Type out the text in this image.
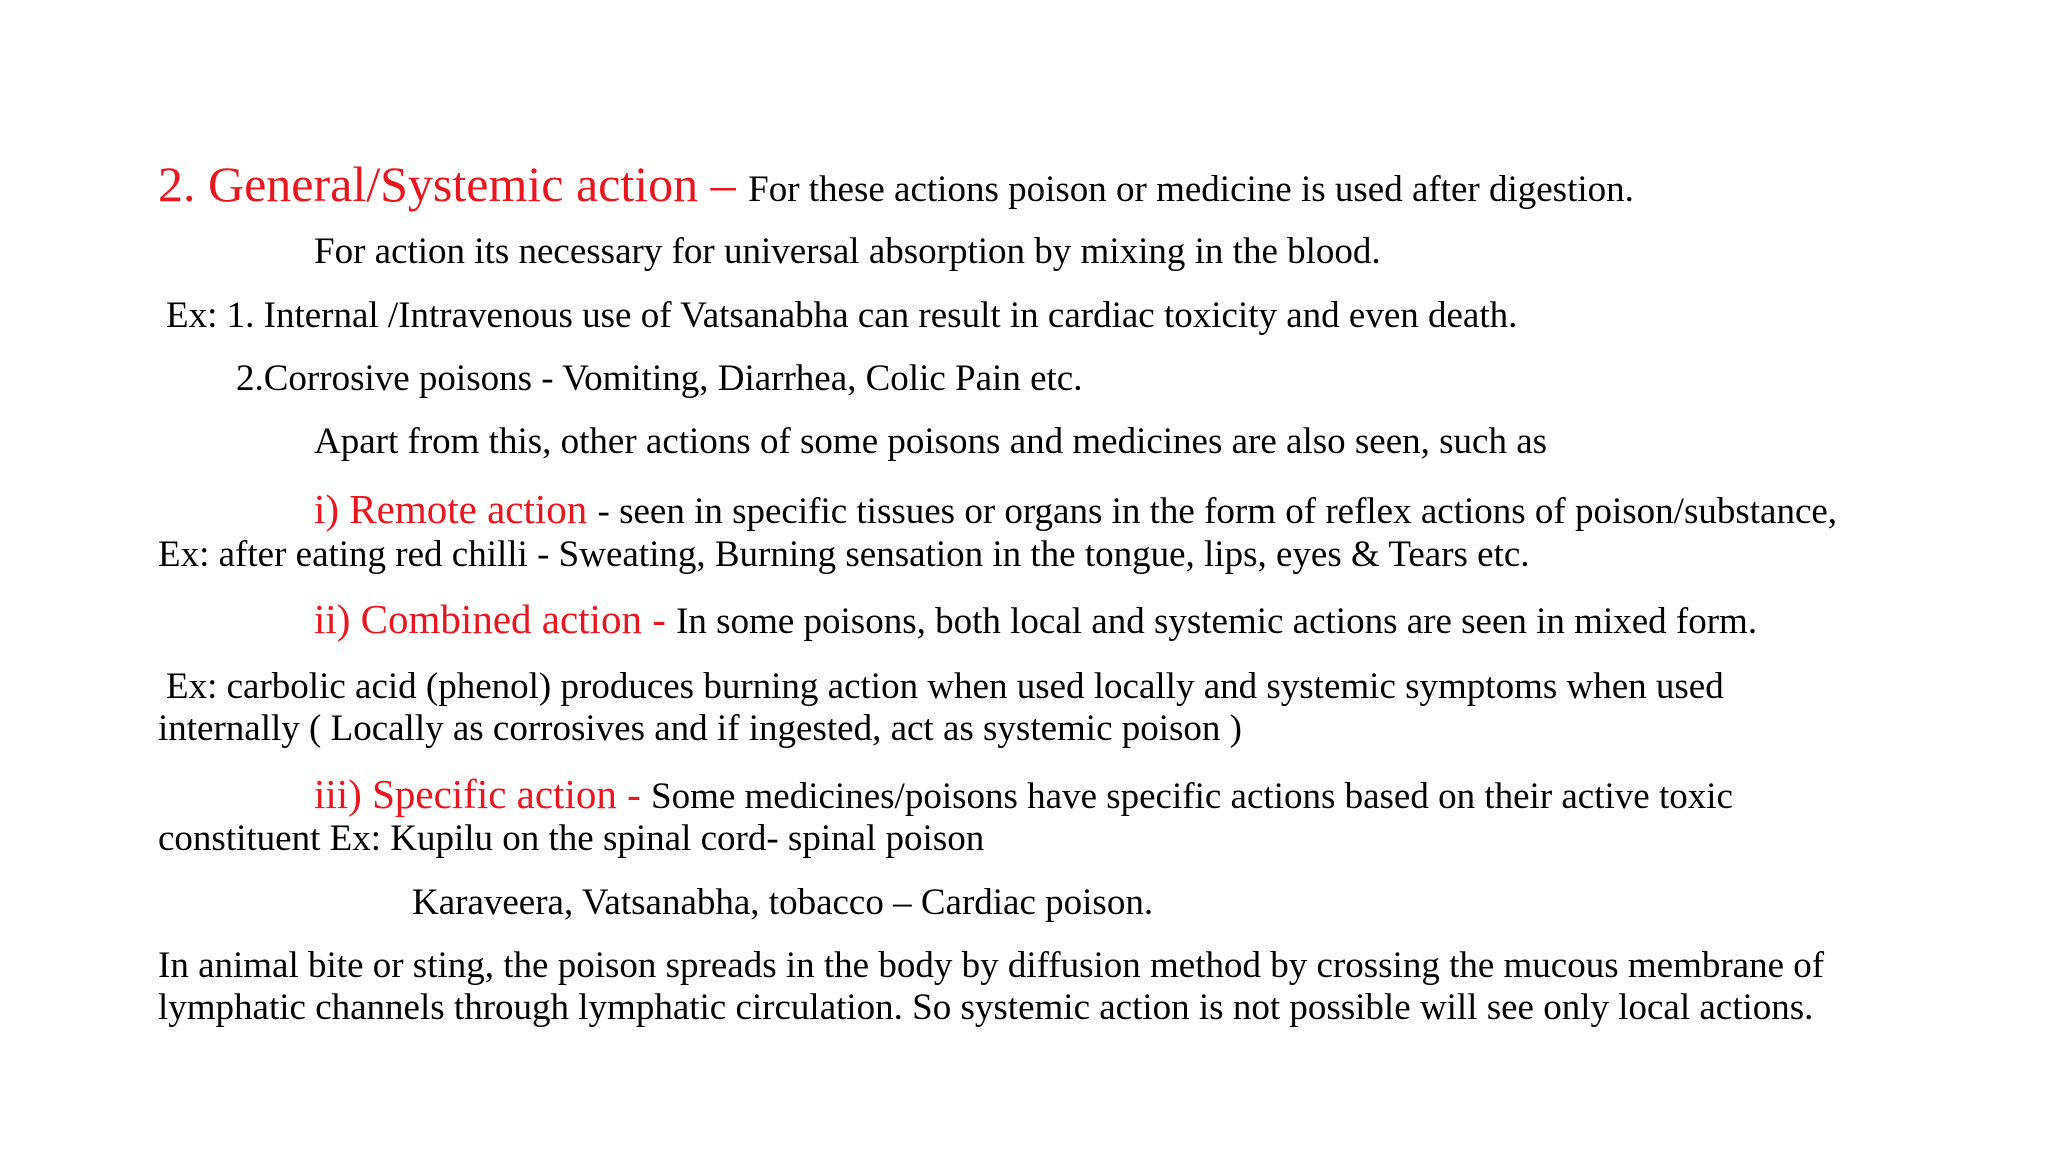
2. General/Systemic action – For these actions poison or medicine is used after digestion.
For action its necessary for universal absorption by mixing in the blood.
Ex: 1. Internal /Intravenous use of Vatsanabha can result in cardiac toxicity and even death.
2.Corrosive poisons - Vomiting, Diarrhea, Colic Pain etc.
Apart from this, other actions of some poisons and medicines are also seen, such as
i) Remote action - seen in specific tissues or organs in the form of reflex actions of poison/substance,
Ex: after eating red chilli - Sweating, Burning sensation in the tongue, lips, eyes & Tears etc.
ii) Combined action - In some poisons, both local and systemic actions are seen in mixed form.
Ex: carbolic acid (phenol) produces burning action when used locally and systemic symptoms when used
internally ( Locally as corrosives and if ingested, act as systemic poison )
iii) Specific action - Some medicines/poisons have specific actions based on their active toxic
constituent Ex: Kupilu on the spinal cord- spinal poison
Karaveera, Vatsanabha, tobacco – Cardiac poison.
In animal bite or sting, the poison spreads in the body by diffusion method by crossing the mucous membrane of
lymphatic channels through lymphatic circulation. So systemic action is not possible will see only local actions.
